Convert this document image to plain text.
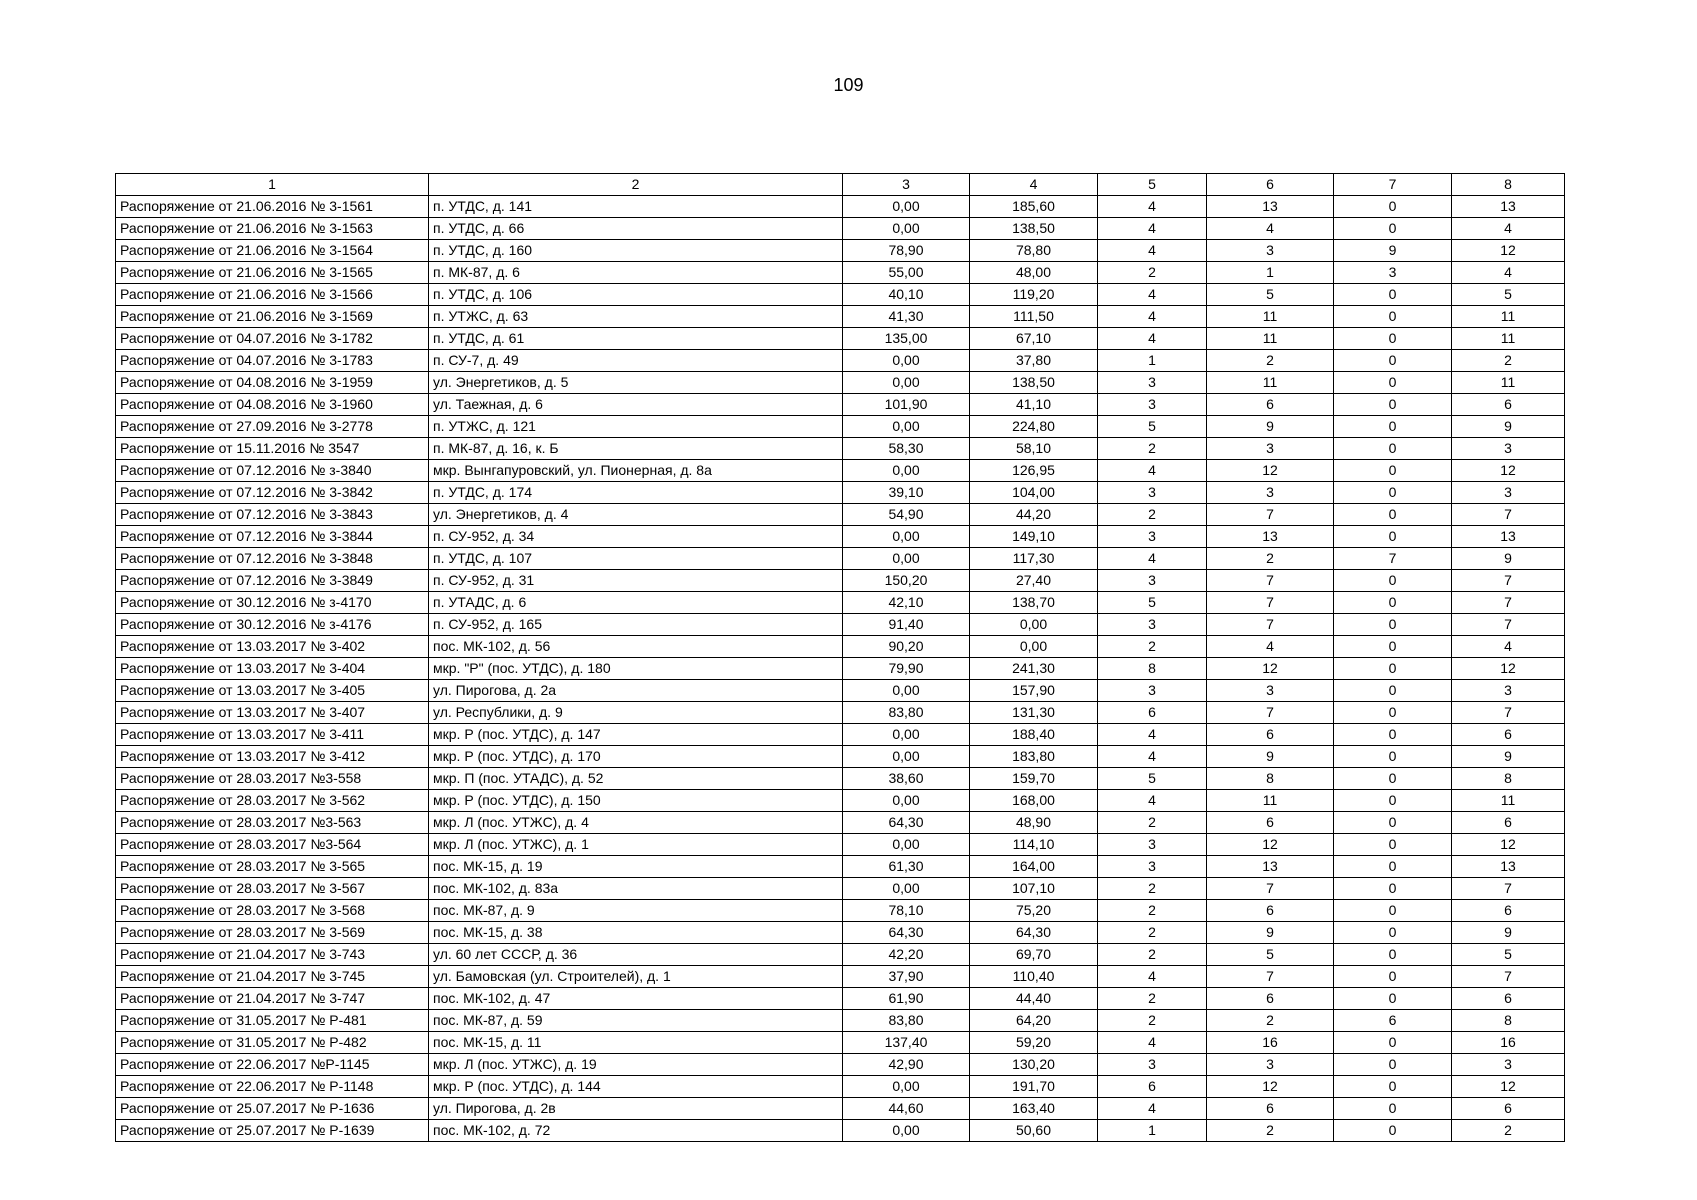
109
1	2	3	4	5	6	7	8
Распоряжение от 21.06.2016 № 3-1561	п. УТДС, д. 141	0,00	185,60	4	13	0	13
Распоряжение от 21.06.2016 № 3-1563	п. УТДС, д. 66	0,00	138,50	4	4	0	4
Распоряжение от 21.06.2016 № 3-1564	п. УТДС, д. 160	78,90	78,80	4	3	9	12
Распоряжение от 21.06.2016 № 3-1565	п. МК-87, д. 6	55,00	48,00	2	1	3	4
Распоряжение от 21.06.2016 № 3-1566	п. УТДС, д. 106	40,10	119,20	4	5	0	5
Распоряжение от 21.06.2016 № 3-1569	п. УТЖС, д. 63	41,30	111,50	4	11	0	11
Распоряжение от 04.07.2016 № 3-1782	п. УТДС, д. 61	135,00	67,10	4	11	0	11
Распоряжение от 04.07.2016 № 3-1783	п. СУ-7, д. 49	0,00	37,80	1	2	0	2
Распоряжение от 04.08.2016 № 3-1959	ул. Энергетиков, д. 5	0,00	138,50	3	11	0	11
Распоряжение от 04.08.2016 № 3-1960	ул. Таежная, д. 6	101,90	41,10	3	6	0	6
Распоряжение от 27.09.2016 № 3-2778	п. УТЖС, д. 121	0,00	224,80	5	9	0	9
Распоряжение от 15.11.2016 № 3547	п. МК-87, д. 16, к. Б	58,30	58,10	2	3	0	3
Распоряжение от 07.12.2016 № з-3840	мкр. Вынгапуровский, ул. Пионерная, д. 8а	0,00	126,95	4	12	0	12
Распоряжение от 07.12.2016 № 3-3842	п. УТДС, д. 174	39,10	104,00	3	3	0	3
Распоряжение от 07.12.2016 № 3-3843	ул. Энергетиков, д. 4	54,90	44,20	2	7	0	7
Распоряжение от 07.12.2016 № 3-3844	п. СУ-952, д. 34	0,00	149,10	3	13	0	13
Распоряжение от 07.12.2016 № 3-3848	п. УТДС, д. 107	0,00	117,30	4	2	7	9
Распоряжение от 07.12.2016 № 3-3849	п. СУ-952, д. 31	150,20	27,40	3	7	0	7
Распоряжение от 30.12.2016 № з-4170	п. УТАДС, д. 6	42,10	138,70	5	7	0	7
Распоряжение от 30.12.2016 № з-4176	п. СУ-952, д. 165	91,40	0,00	3	7	0	7
Распоряжение от 13.03.2017 № 3-402	пос. МК-102, д. 56	90,20	0,00	2	4	0	4
Распоряжение от 13.03.2017 № 3-404	мкр. "Р" (пос. УТДС), д. 180	79,90	241,30	8	12	0	12
Распоряжение от 13.03.2017 № 3-405	ул. Пирогова, д. 2а	0,00	157,90	3	3	0	3
Распоряжение от 13.03.2017 № 3-407	ул. Республики, д. 9	83,80	131,30	6	7	0	7
Распоряжение от 13.03.2017 № 3-411	мкр. Р (пос. УТДС), д. 147	0,00	188,40	4	6	0	6
Распоряжение от 13.03.2017 № 3-412	мкр. Р (пос. УТДС), д. 170	0,00	183,80	4	9	0	9
Распоряжение от 28.03.2017 №3-558	мкр. П (пос. УТАДС), д. 52	38,60	159,70	5	8	0	8
Распоряжение от 28.03.2017 № 3-562	мкр. Р (пос. УТДС), д. 150	0,00	168,00	4	11	0	11
Распоряжение от 28.03.2017 №3-563	мкр. Л (пос. УТЖС), д. 4	64,30	48,90	2	6	0	6
Распоряжение от 28.03.2017 №3-564	мкр. Л (пос. УТЖС), д. 1	0,00	114,10	3	12	0	12
Распоряжение от 28.03.2017 № 3-565	пос. МК-15, д. 19	61,30	164,00	3	13	0	13
Распоряжение от 28.03.2017 № 3-567	пос. МК-102, д. 83а	0,00	107,10	2	7	0	7
Распоряжение от 28.03.2017 № 3-568	пос. МК-87, д. 9	78,10	75,20	2	6	0	6
Распоряжение от 28.03.2017 № 3-569	пос. МК-15, д. 38	64,30	64,30	2	9	0	9
Распоряжение от 21.04.2017 № 3-743	ул. 60 лет СССР, д. 36	42,20	69,70	2	5	0	5
Распоряжение от 21.04.2017 № 3-745	ул. Бамовская (ул. Строителей), д. 1	37,90	110,40	4	7	0	7
Распоряжение от 21.04.2017 № 3-747	пос. МК-102, д. 47	61,90	44,40	2	6	0	6
Распоряжение от 31.05.2017 № Р-481	пос. МК-87, д. 59	83,80	64,20	2	2	6	8
Распоряжение от 31.05.2017 № Р-482	пос. МК-15, д. 11	137,40	59,20	4	16	0	16
Распоряжение от 22.06.2017 №Р-1145	мкр. Л (пос. УТЖС), д. 19	42,90	130,20	3	3	0	3
Распоряжение от 22.06.2017 № Р-1148	мкр. Р (пос. УТДС), д. 144	0,00	191,70	6	12	0	12
Распоряжение от 25.07.2017 № Р-1636	ул. Пирогова, д. 2в	44,60	163,40	4	6	0	6
Распоряжение от 25.07.2017 № Р-1639	пос. МК-102, д. 72	0,00	50,60	1	2	0	2
